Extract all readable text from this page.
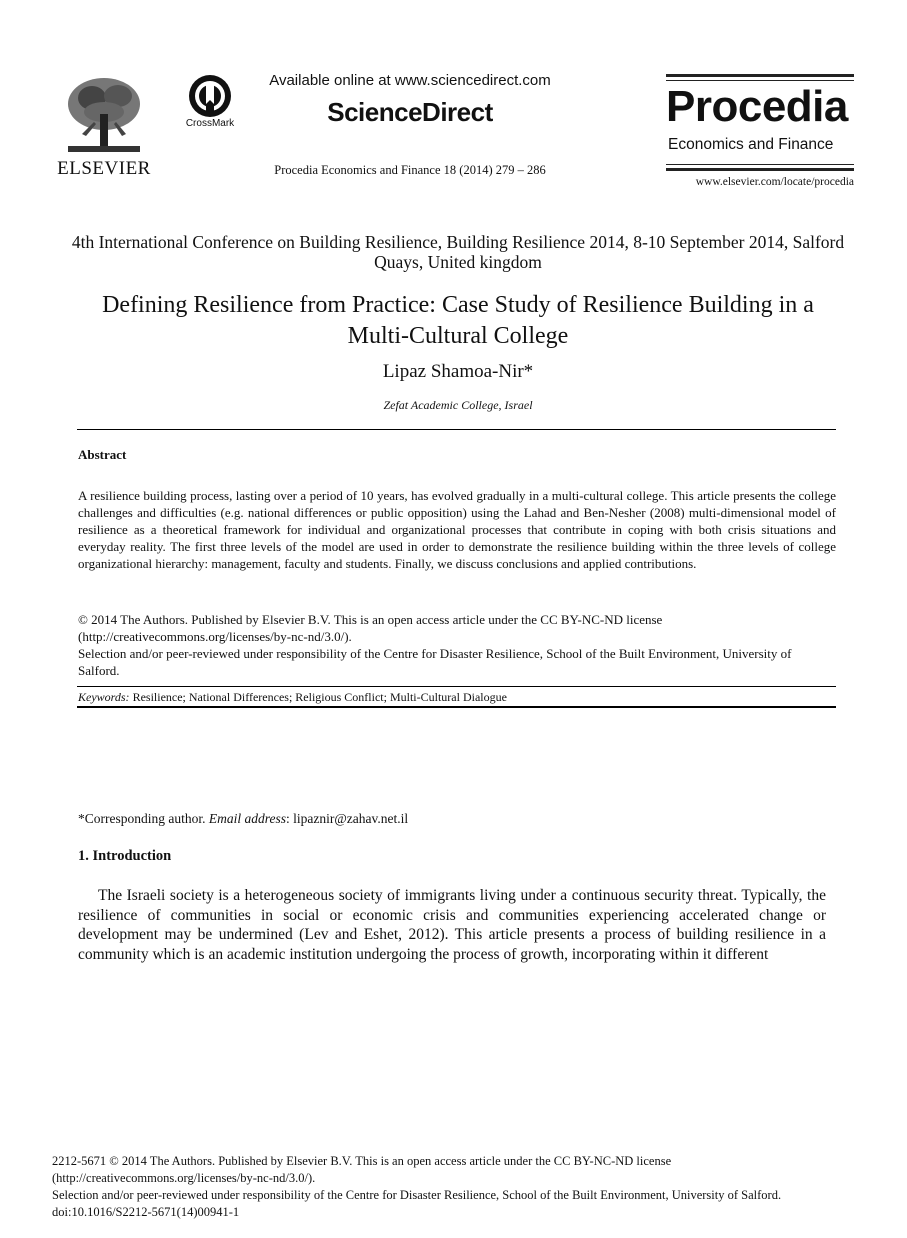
ELSEVIER
CrossMark
Available online at www.sciencedirect.com
ScienceDirect
Procedia Economics and Finance 18 (2014) 279 – 286
Procedia
Economics and Finance
www.elsevier.com/locate/procedia
4th International Conference on Building Resilience, Building Resilience 2014, 8-10 September 2014, Salford Quays, United kingdom
Defining Resilience from Practice: Case Study of Resilience Building in a Multi-Cultural College
Lipaz Shamoa-Nir*
Zefat Academic College, Israel
Abstract
A resilience building process, lasting over a period of 10 years, has evolved gradually in a multi-cultural college. This article presents the college challenges and difficulties (e.g. national differences or public opposition) using the Lahad and Ben-Nesher (2008) multi-dimensional model of resilience as a theoretical framework for individual and organizational processes that contribute in coping with both crisis situations and everyday reality. The first three levels of the model are used in order to demonstrate the resilience building within the three levels of college organizational hierarchy: management, faculty and students. Finally, we discuss conclusions and applied contributions.

© 2014 The Authors. Published by Elsevier B.V. This is an open access article under the CC BY-NC-ND license

(http://creativecommons.org/licenses/by-nc-nd/3.0/).

Selection and/or peer-reviewed under responsibility of the Centre for Disaster Resilience, School of the Built Environment, University of Salford.

Keywords: Resilience; National Differences; Religious Conflict; Multi-Cultural Dialogue
*Corresponding author. Email address: lipaznir@zahav.net.il
1. Introduction
The Israeli society is a heterogeneous society of immigrants living under a continuous security threat. Typically, the resilience of communities in social or economic crisis and communities experiencing accelerated change or development may be undermined (Lev and Eshet, 2012). This article presents a process of building resilience in a community which is an academic institution undergoing the process of growth, incorporating within it different

2212-5671 © 2014 The Authors. Published by Elsevier B.V. This is an open access article under the CC BY-NC-ND license

(http://creativecommons.org/licenses/by-nc-nd/3.0/).

Selection and/or peer-reviewed under responsibility of the Centre for Disaster Resilience, School of the Built Environment, University of Salford.

doi:10.1016/S2212-5671(14)00941-1
